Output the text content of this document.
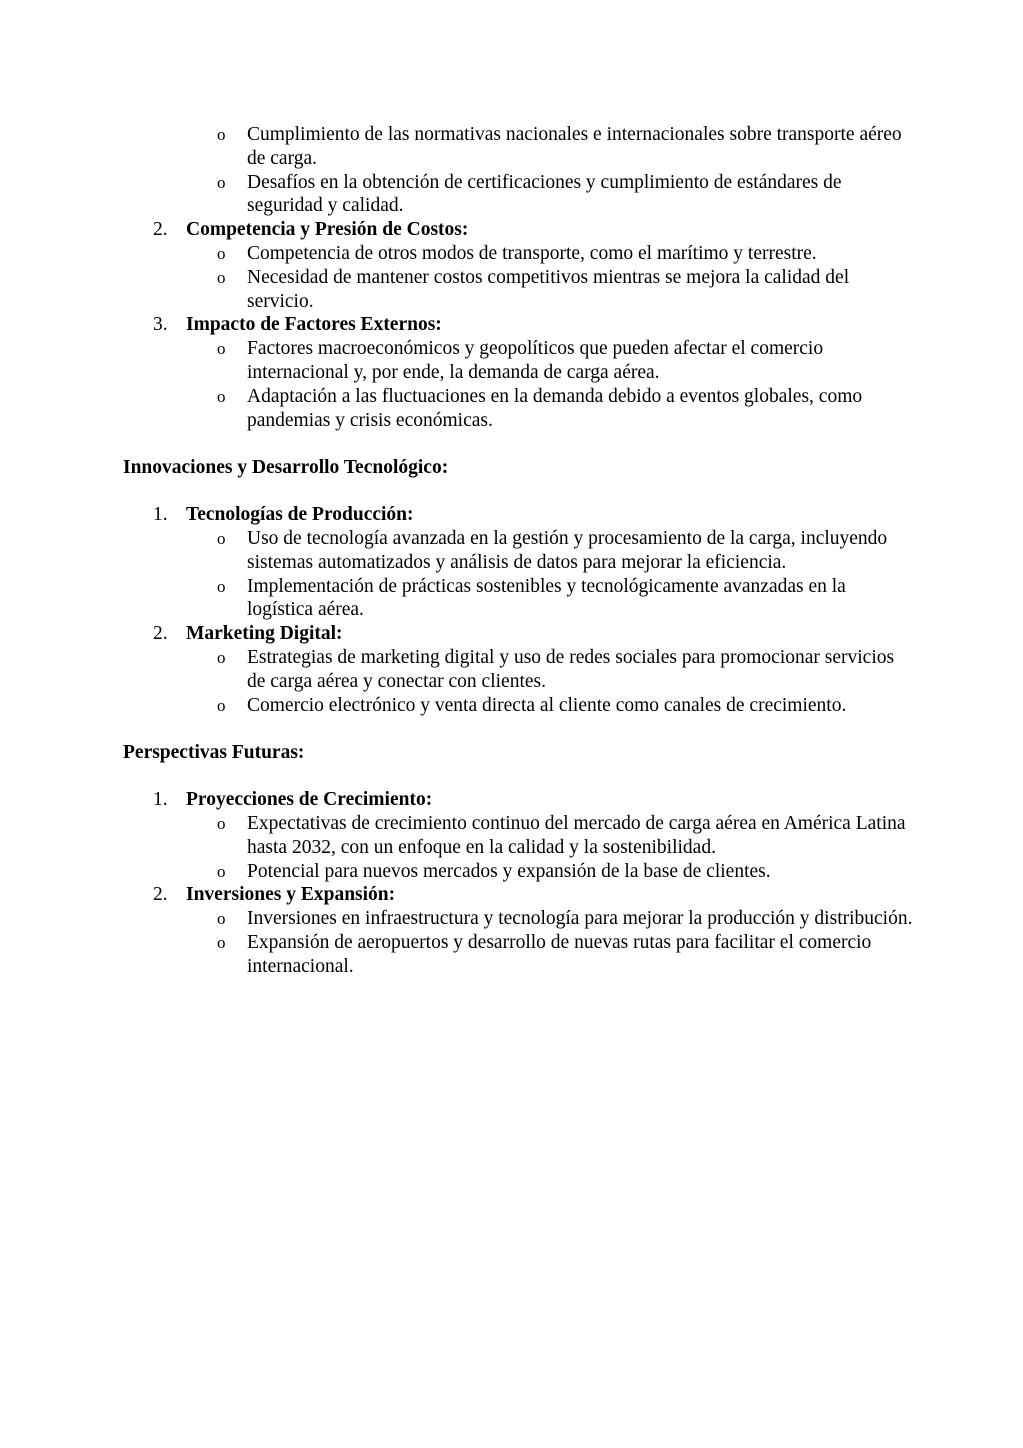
o Cumplimiento de las normativas nacionales e internacionales sobre transporte aéreo de carga.
o Desafíos en la obtención de certificaciones y cumplimiento de estándares de seguridad y calidad.
2. Competencia y Presión de Costos:
o Competencia de otros modos de transporte, como el marítimo y terrestre.
o Necesidad de mantener costos competitivos mientras se mejora la calidad del servicio.
3. Impacto de Factores Externos:
o Factores macroeconómicos y geopolíticos que pueden afectar el comercio internacional y, por ende, la demanda de carga aérea.
o Adaptación a las fluctuaciones en la demanda debido a eventos globales, como pandemias y crisis económicas.
Innovaciones y Desarrollo Tecnológico:
1. Tecnologías de Producción:
o Uso de tecnología avanzada en la gestión y procesamiento de la carga, incluyendo sistemas automatizados y análisis de datos para mejorar la eficiencia.
o Implementación de prácticas sostenibles y tecnológicamente avanzadas en la logística aérea.
2. Marketing Digital:
o Estrategias de marketing digital y uso de redes sociales para promocionar servicios de carga aérea y conectar con clientes.
o Comercio electrónico y venta directa al cliente como canales de crecimiento.
Perspectivas Futuras:
1. Proyecciones de Crecimiento:
o Expectativas de crecimiento continuo del mercado de carga aérea en América Latina hasta 2032, con un enfoque en la calidad y la sostenibilidad.
o Potencial para nuevos mercados y expansión de la base de clientes.
2. Inversiones y Expansión:
o Inversiones en infraestructura y tecnología para mejorar la producción y distribución.
o Expansión de aeropuertos y desarrollo de nuevas rutas para facilitar el comercio internacional.
